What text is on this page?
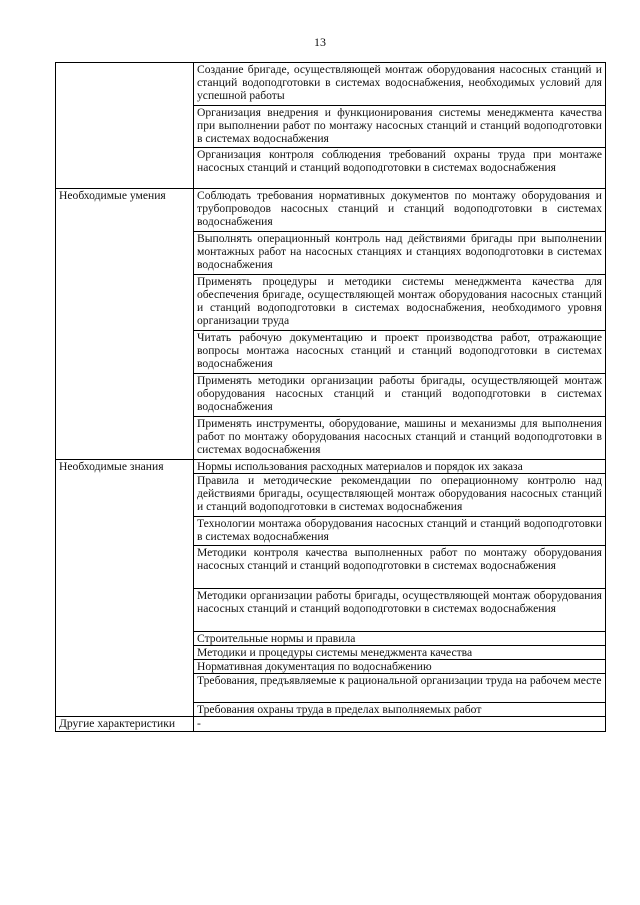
13
	Создание бригаде, осуществляющей монтаж оборудования насосных станций и станций водоподготовки в системах водоснабжения, необходимых условий для успешной работы
	Организация внедрения и функционирования системы менеджмента качества при выполнении работ по монтажу насосных станций и станций водоподготовки в системах водоснабжения
	Организация контроля соблюдения требований охраны труда при монтаже насосных станций и станций водоподготовки в системах водоснабжения
Необходимые умения	Соблюдать требования нормативных документов по монтажу оборудования и трубопроводов насосных станций и станций водоподготовки в системах водоснабжения
	Выполнять операционный контроль над действиями бригады при выполнении монтажных работ на насосных станциях и станциях водоподготовки в системах водоснабжения
	Применять процедуры и методики системы менеджмента качества для обеспечения бригаде, осуществляющей монтаж оборудования насосных станций и станций водоподготовки в системах водоснабжения, необходимого уровня организации труда
	Читать рабочую документацию и проект производства работ, отражающие вопросы монтажа насосных станций и станций водоподготовки в системах водоснабжения
	Применять методики организации работы бригады, осуществляющей монтаж оборудования насосных станций и станций водоподготовки в системах водоснабжения
	Применять инструменты, оборудование, машины и механизмы для выполнения работ по монтажу оборудования насосных станций и станций водоподготовки в системах водоснабжения
Необходимые знания	Нормы использования расходных материалов и порядок их заказа
	Правила и методические рекомендации по операционному контролю над действиями бригады, осуществляющей монтаж оборудования насосных станций и станций водоподготовки в системах водоснабжения
	Технологии монтажа оборудования насосных станций и станций водоподготовки в системах водоснабжения
	Методики контроля качества выполненных работ по монтажу оборудования насосных станций и станций водоподготовки в системах водоснабжения
	Методики организации работы бригады, осуществляющей монтаж оборудования насосных станций и станций водоподготовки в системах водоснабжения
	Строительные нормы и правила
	Методики и процедуры системы менеджмента качества
	Нормативная документация по водоснабжению
	Требования, предъявляемые к рациональной организации труда на рабочем месте
	Требования охраны труда в пределах выполняемых работ
Другие характеристики	-
